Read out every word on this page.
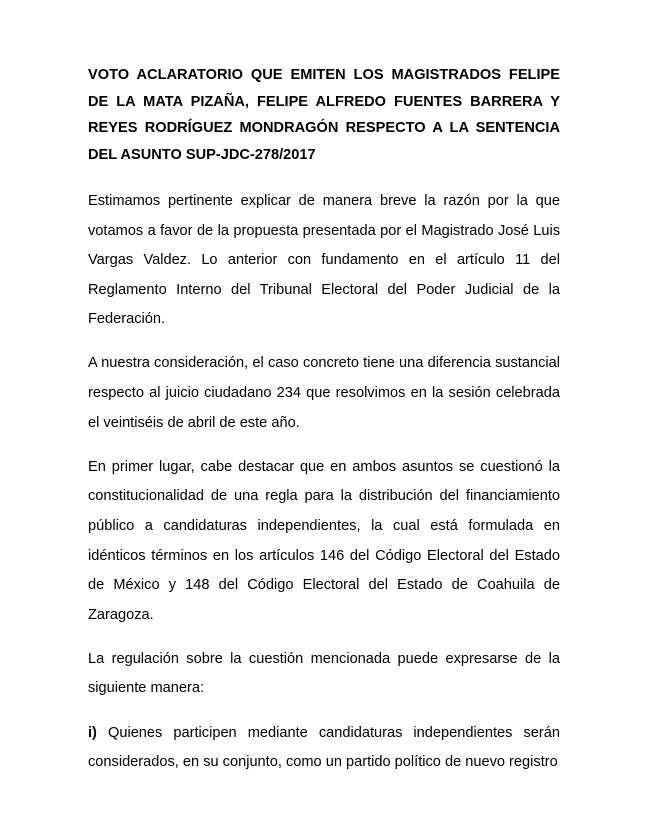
VOTO ACLARATORIO QUE EMITEN LOS MAGISTRADOS FELIPE DE LA MATA PIZAÑA, FELIPE ALFREDO FUENTES BARRERA Y REYES RODRÍGUEZ MONDRAGÓN RESPECTO A LA SENTENCIA DEL ASUNTO SUP-JDC-278/2017

Estimamos pertinente explicar de manera breve la razón por la que votamos a favor de la propuesta presentada por el Magistrado José Luis Vargas Valdez. Lo anterior con fundamento en el artículo 11 del Reglamento Interno del Tribunal Electoral del Poder Judicial de la Federación.

A nuestra consideración, el caso concreto tiene una diferencia sustancial respecto al juicio ciudadano 234 que resolvimos en la sesión celebrada el veintiséis de abril de este año.

En primer lugar, cabe destacar que en ambos asuntos se cuestionó la constitucionalidad de una regla para la distribución del financiamiento público a candidaturas independientes, la cual está formulada en idénticos términos en los artículos 146 del Código Electoral del Estado de México y 148 del Código Electoral del Estado de Coahuila de Zaragoza.

La regulación sobre la cuestión mencionada puede expresarse de la siguiente manera:

i) Quienes participen mediante candidaturas independientes serán considerados, en su conjunto, como un partido político de nuevo registro
